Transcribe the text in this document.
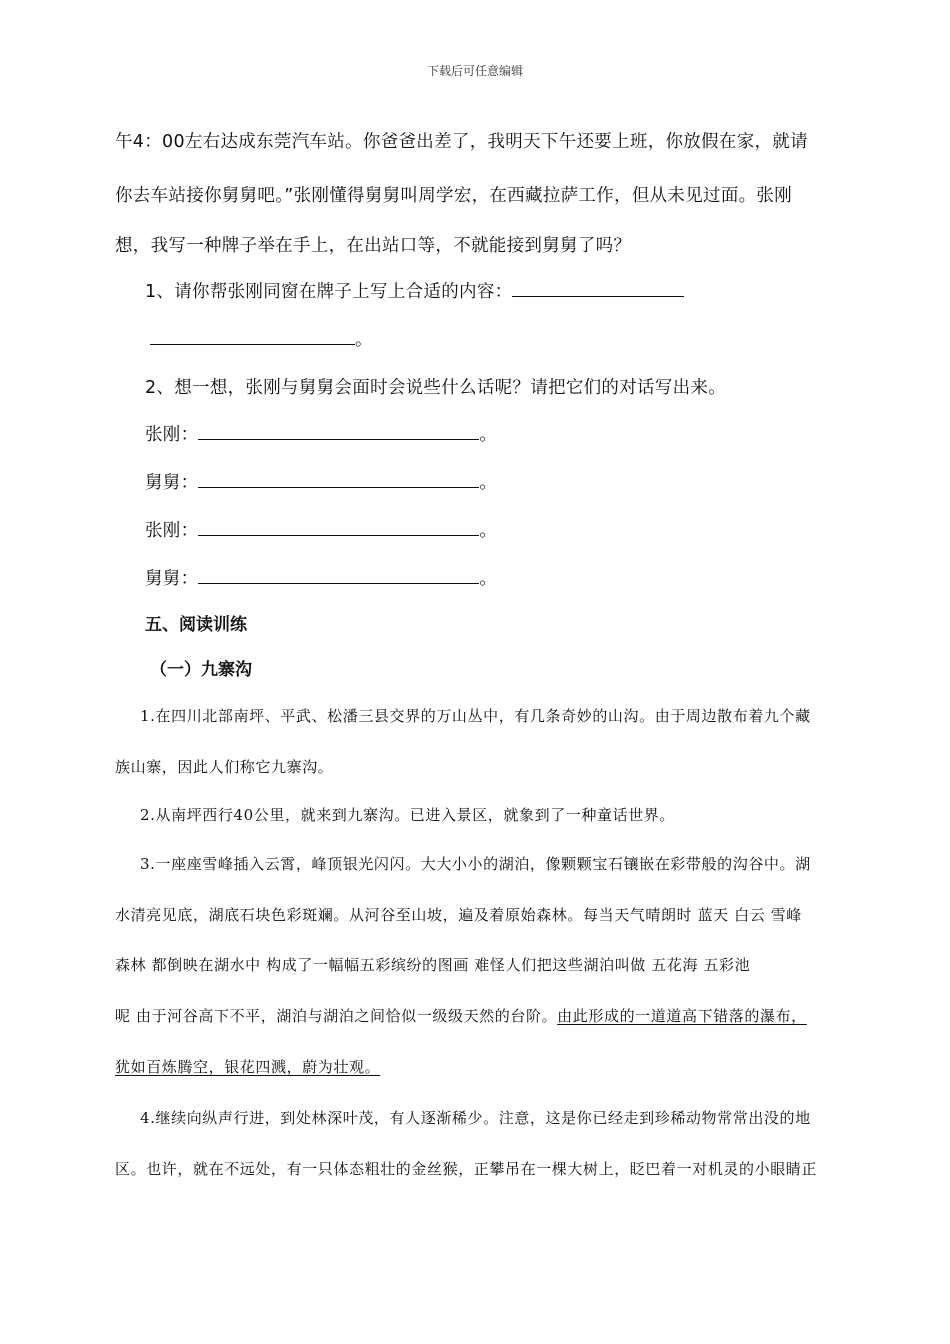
下载后可任意编辑
午4：00左右达成东莞汽车站。你爸爸出差了，我明天下午还要上班，你放假在家，就请
你去车站接你舅舅吧。”张刚懂得舅舅叫周学宏，在西藏拉萨工作，但从未见过面。张刚
想，我写一种牌子举在手上，在出站口等，不就能接到舅舅了吗？
1、请你帮张刚同窗在牌子上写上合适的内容：
。
2、想一想，张刚与舅舅会面时会说些什么话呢？请把它们的对话写出来。
张刚：	。
舅舅：	。
张刚：	。
舅舅：	。
五、阅读训练
（一）九寨沟
1.在四川北部南坪、平武、松潘三县交界的万山丛中，有几条奇妙的山沟。由于周边散布着九个藏
族山寨，因此人们称它九寨沟。
2.从南坪西行40公里，就来到九寨沟。已进入景区，就象到了一种童话世界。
3.一座座雪峰插入云霄，峰顶银光闪闪。大大小小的湖泊，像颗颗宝石镶嵌在彩带般的沟谷中。湖
水清亮见底，湖底石块色彩斑斓。从河谷至山坡，遍及着原始森林。每当天气晴朗时 蓝天 白云 雪峰
森林 都倒映在湖水中 构成了一幅幅五彩缤纷的图画 难怪人们把这些湖泊叫做 五花海 五彩池
呢 由于河谷高下不平，湖泊与湖泊之间恰似一级级天然的台阶。由此形成的一道道高下错落的瀑布，
犹如百炼腾空，银花四溅，蔚为壮观。
4.继续向纵声行进，到处林深叶茂，有人逐渐稀少。注意，这是你已经走到珍稀动物常常出没的地
区。也许，就在不远处，有一只体态粗壮的金丝猴，正攀吊在一棵大树上，眨巴着一对机灵的小眼睛正
